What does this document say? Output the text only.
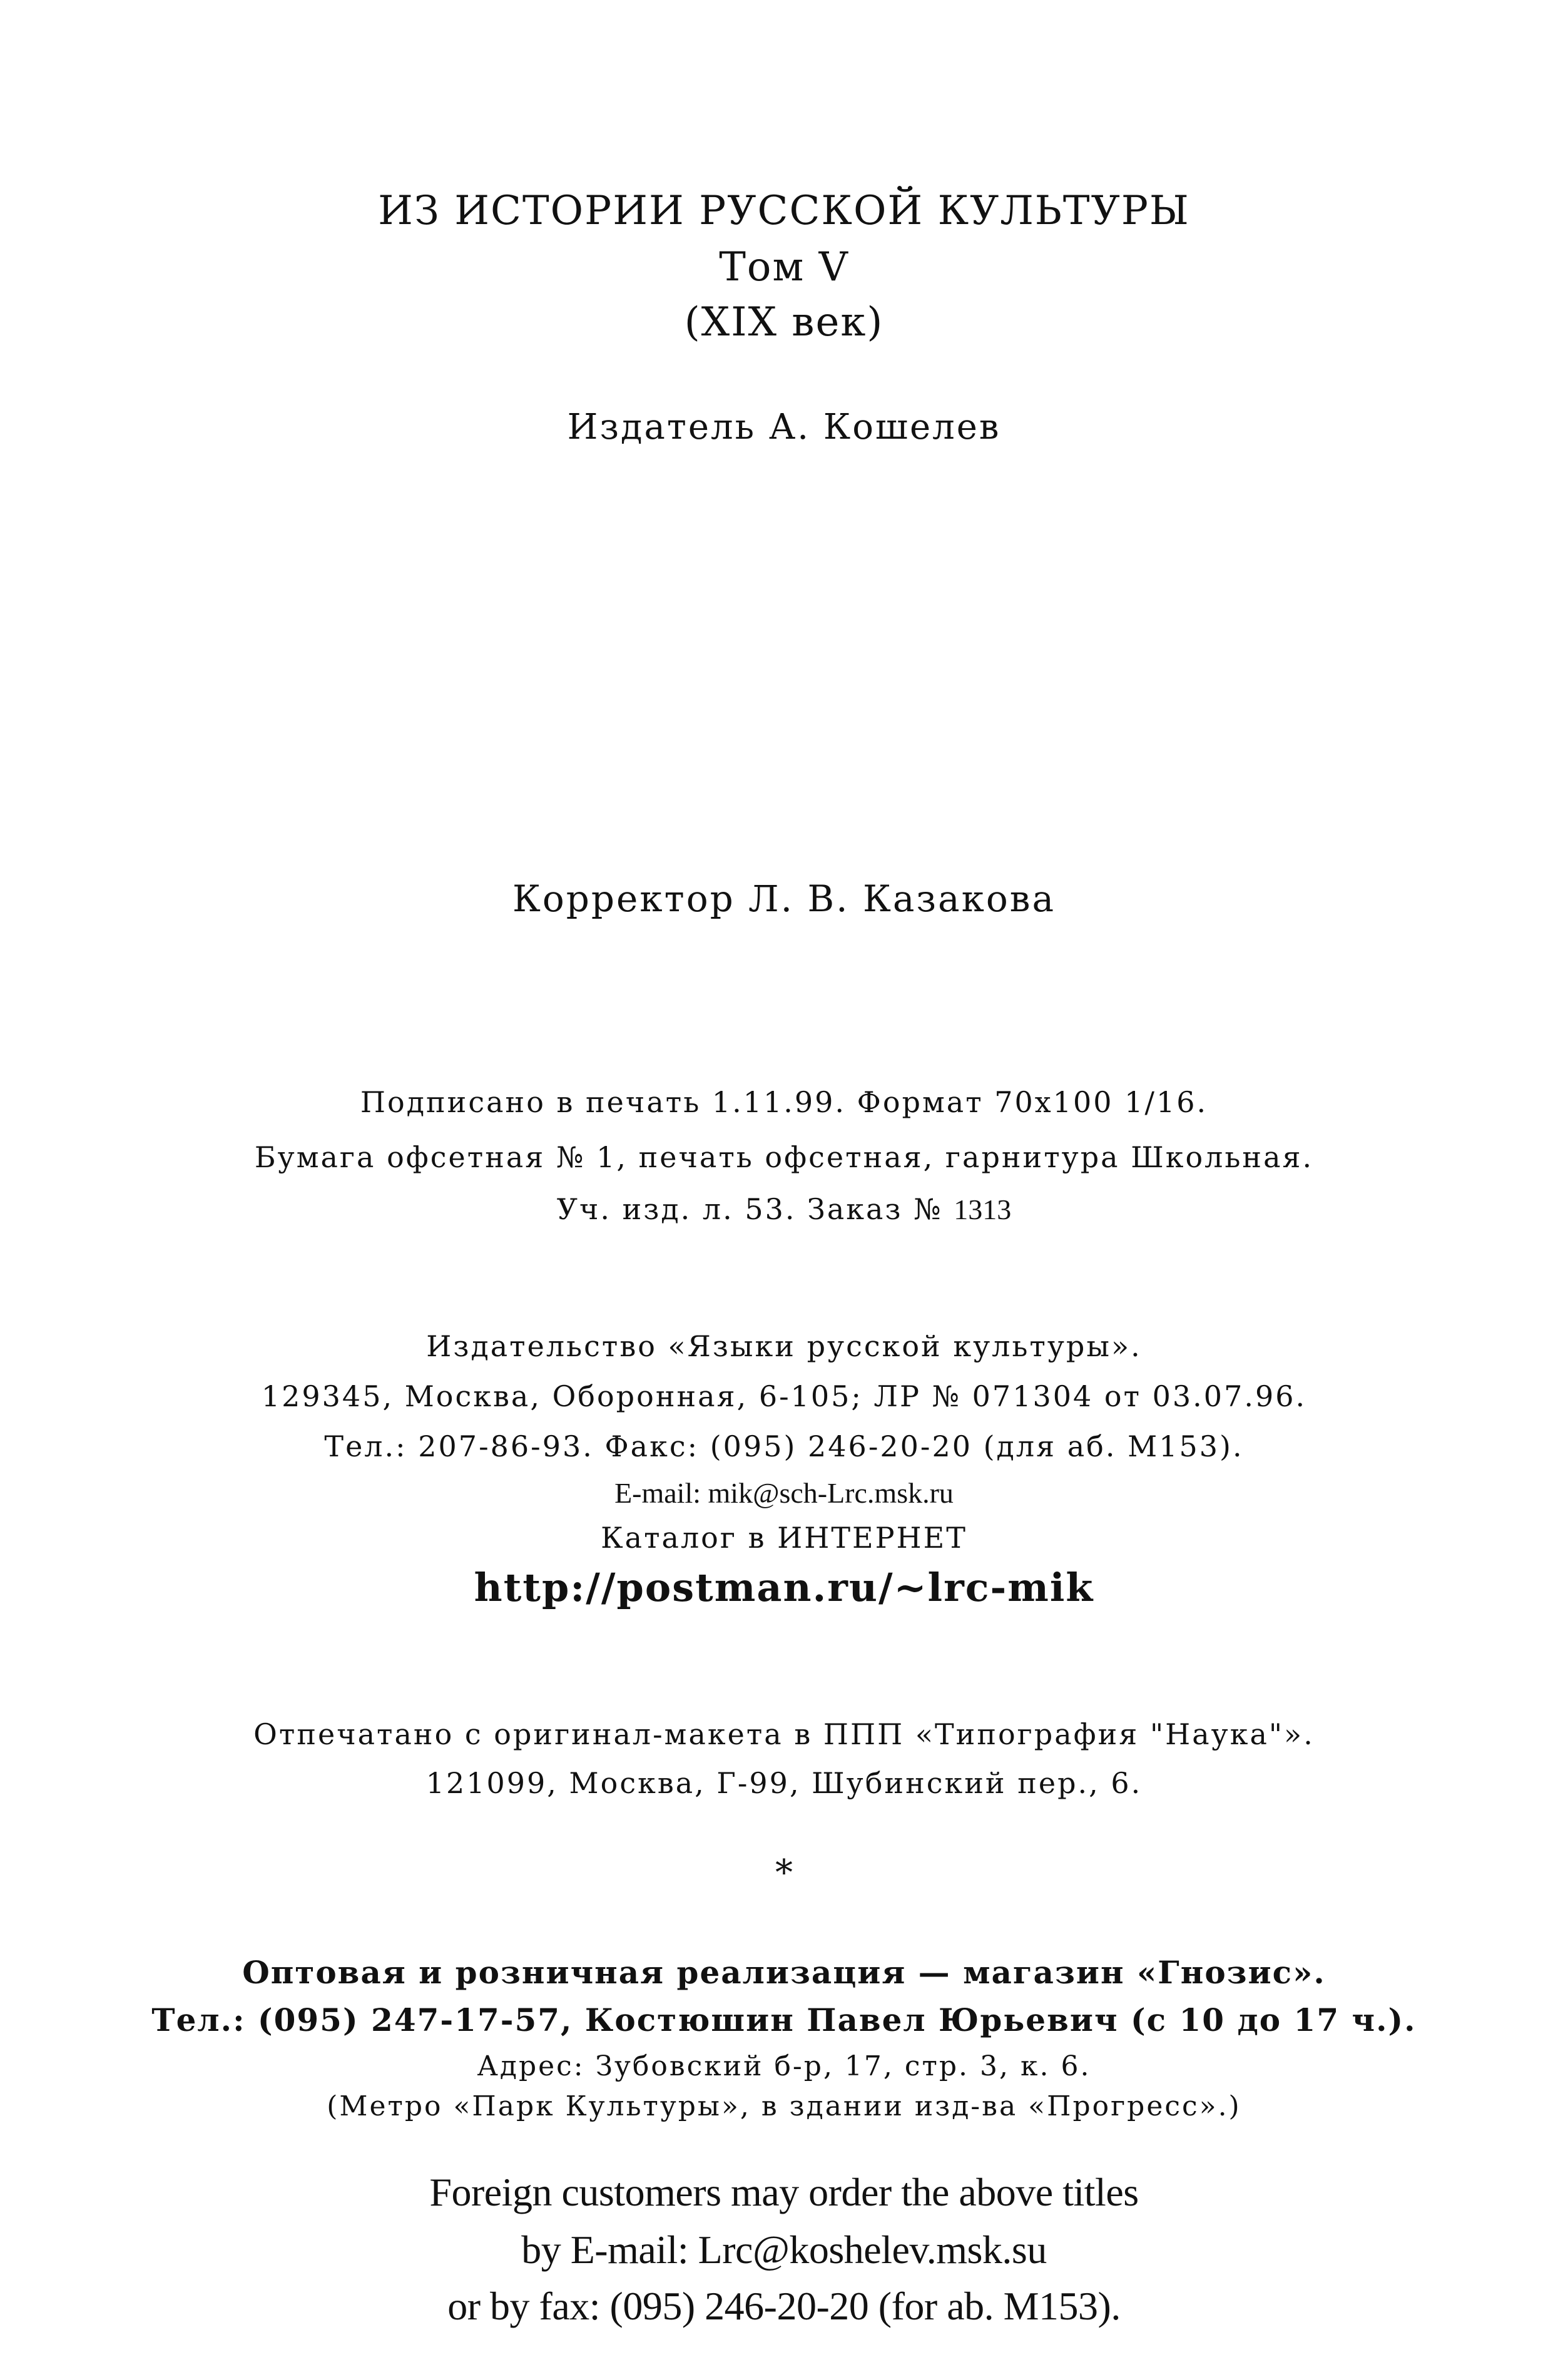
ИЗ ИСТОРИИ РУССКОЙ КУЛЬТУРЫ
Том V
(XIX век)
Издатель А. Кошелев
Корректор Л. В. Казакова
Подписано в печать 1.11.99. Формат 70x100 1/16.
Бумага офсетная № 1, печать офсетная, гарнитура Школьная.
Уч. изд. л. 53. Заказ № 1313
Издательство «Языки русской культуры».
129345, Москва, Оборонная, 6-105; ЛР № 071304 от 03.07.96.
Тел.: 207-86-93. Факс: (095) 246-20-20 (для аб. М153).
E-mail: mik@sch-Lrc.msk.ru
Каталог в ИНТЕРНЕТ
http://postman.ru/~lrc-mik
Отпечатано с оригинал-макета в ППП «Типография "Наука"».
121099, Москва, Г-99, Шубинский пер., 6.
*
Оптовая и розничная реализация — магазин «Гнозис».
Тел.: (095) 247-17-57, Костюшин Павел Юрьевич (с 10 до 17 ч.).
Адрес: Зубовский б-р, 17, стр. 3, к. 6.
(Метро «Парк Культуры», в здании изд-ва «Прогресс».)
Foreign customers may order the above titles
by E-mail: Lrc@koshelev.msk.su
or by fax: (095) 246-20-20 (for ab. M153).
